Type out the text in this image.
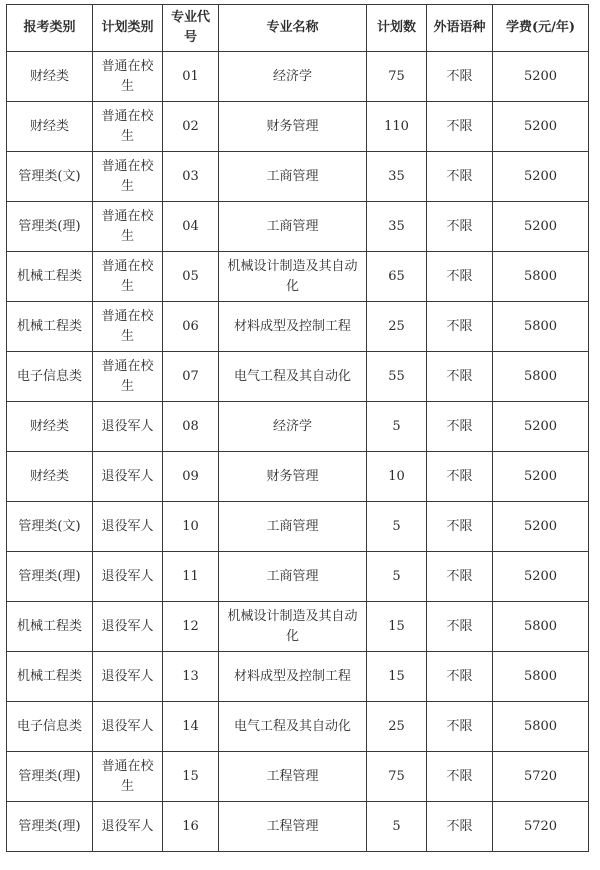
报考类别	计划类别	专业代号	专业名称	计划数	外语语种	学费(元/年)
财经类	普通在校生	01	经济学	75	不限	5200
财经类	普通在校生	02	财务管理	110	不限	5200
管理类(文)	普通在校生	03	工商管理	35	不限	5200
管理类(理)	普通在校生	04	工商管理	35	不限	5200
机械工程类	普通在校生	05	机械设计制造及其自动化	65	不限	5800
机械工程类	普通在校生	06	材料成型及控制工程	25	不限	5800
电子信息类	普通在校生	07	电气工程及其自动化	55	不限	5800
财经类	退役军人	08	经济学	5	不限	5200
财经类	退役军人	09	财务管理	10	不限	5200
管理类(文)	退役军人	10	工商管理	5	不限	5200
管理类(理)	退役军人	11	工商管理	5	不限	5200
机械工程类	退役军人	12	机械设计制造及其自动化	15	不限	5800
机械工程类	退役军人	13	材料成型及控制工程	15	不限	5800
电子信息类	退役军人	14	电气工程及其自动化	25	不限	5800
管理类(理)	普通在校生	15	工程管理	75	不限	5720
管理类(理)	退役军人	16	工程管理	5	不限	5720
